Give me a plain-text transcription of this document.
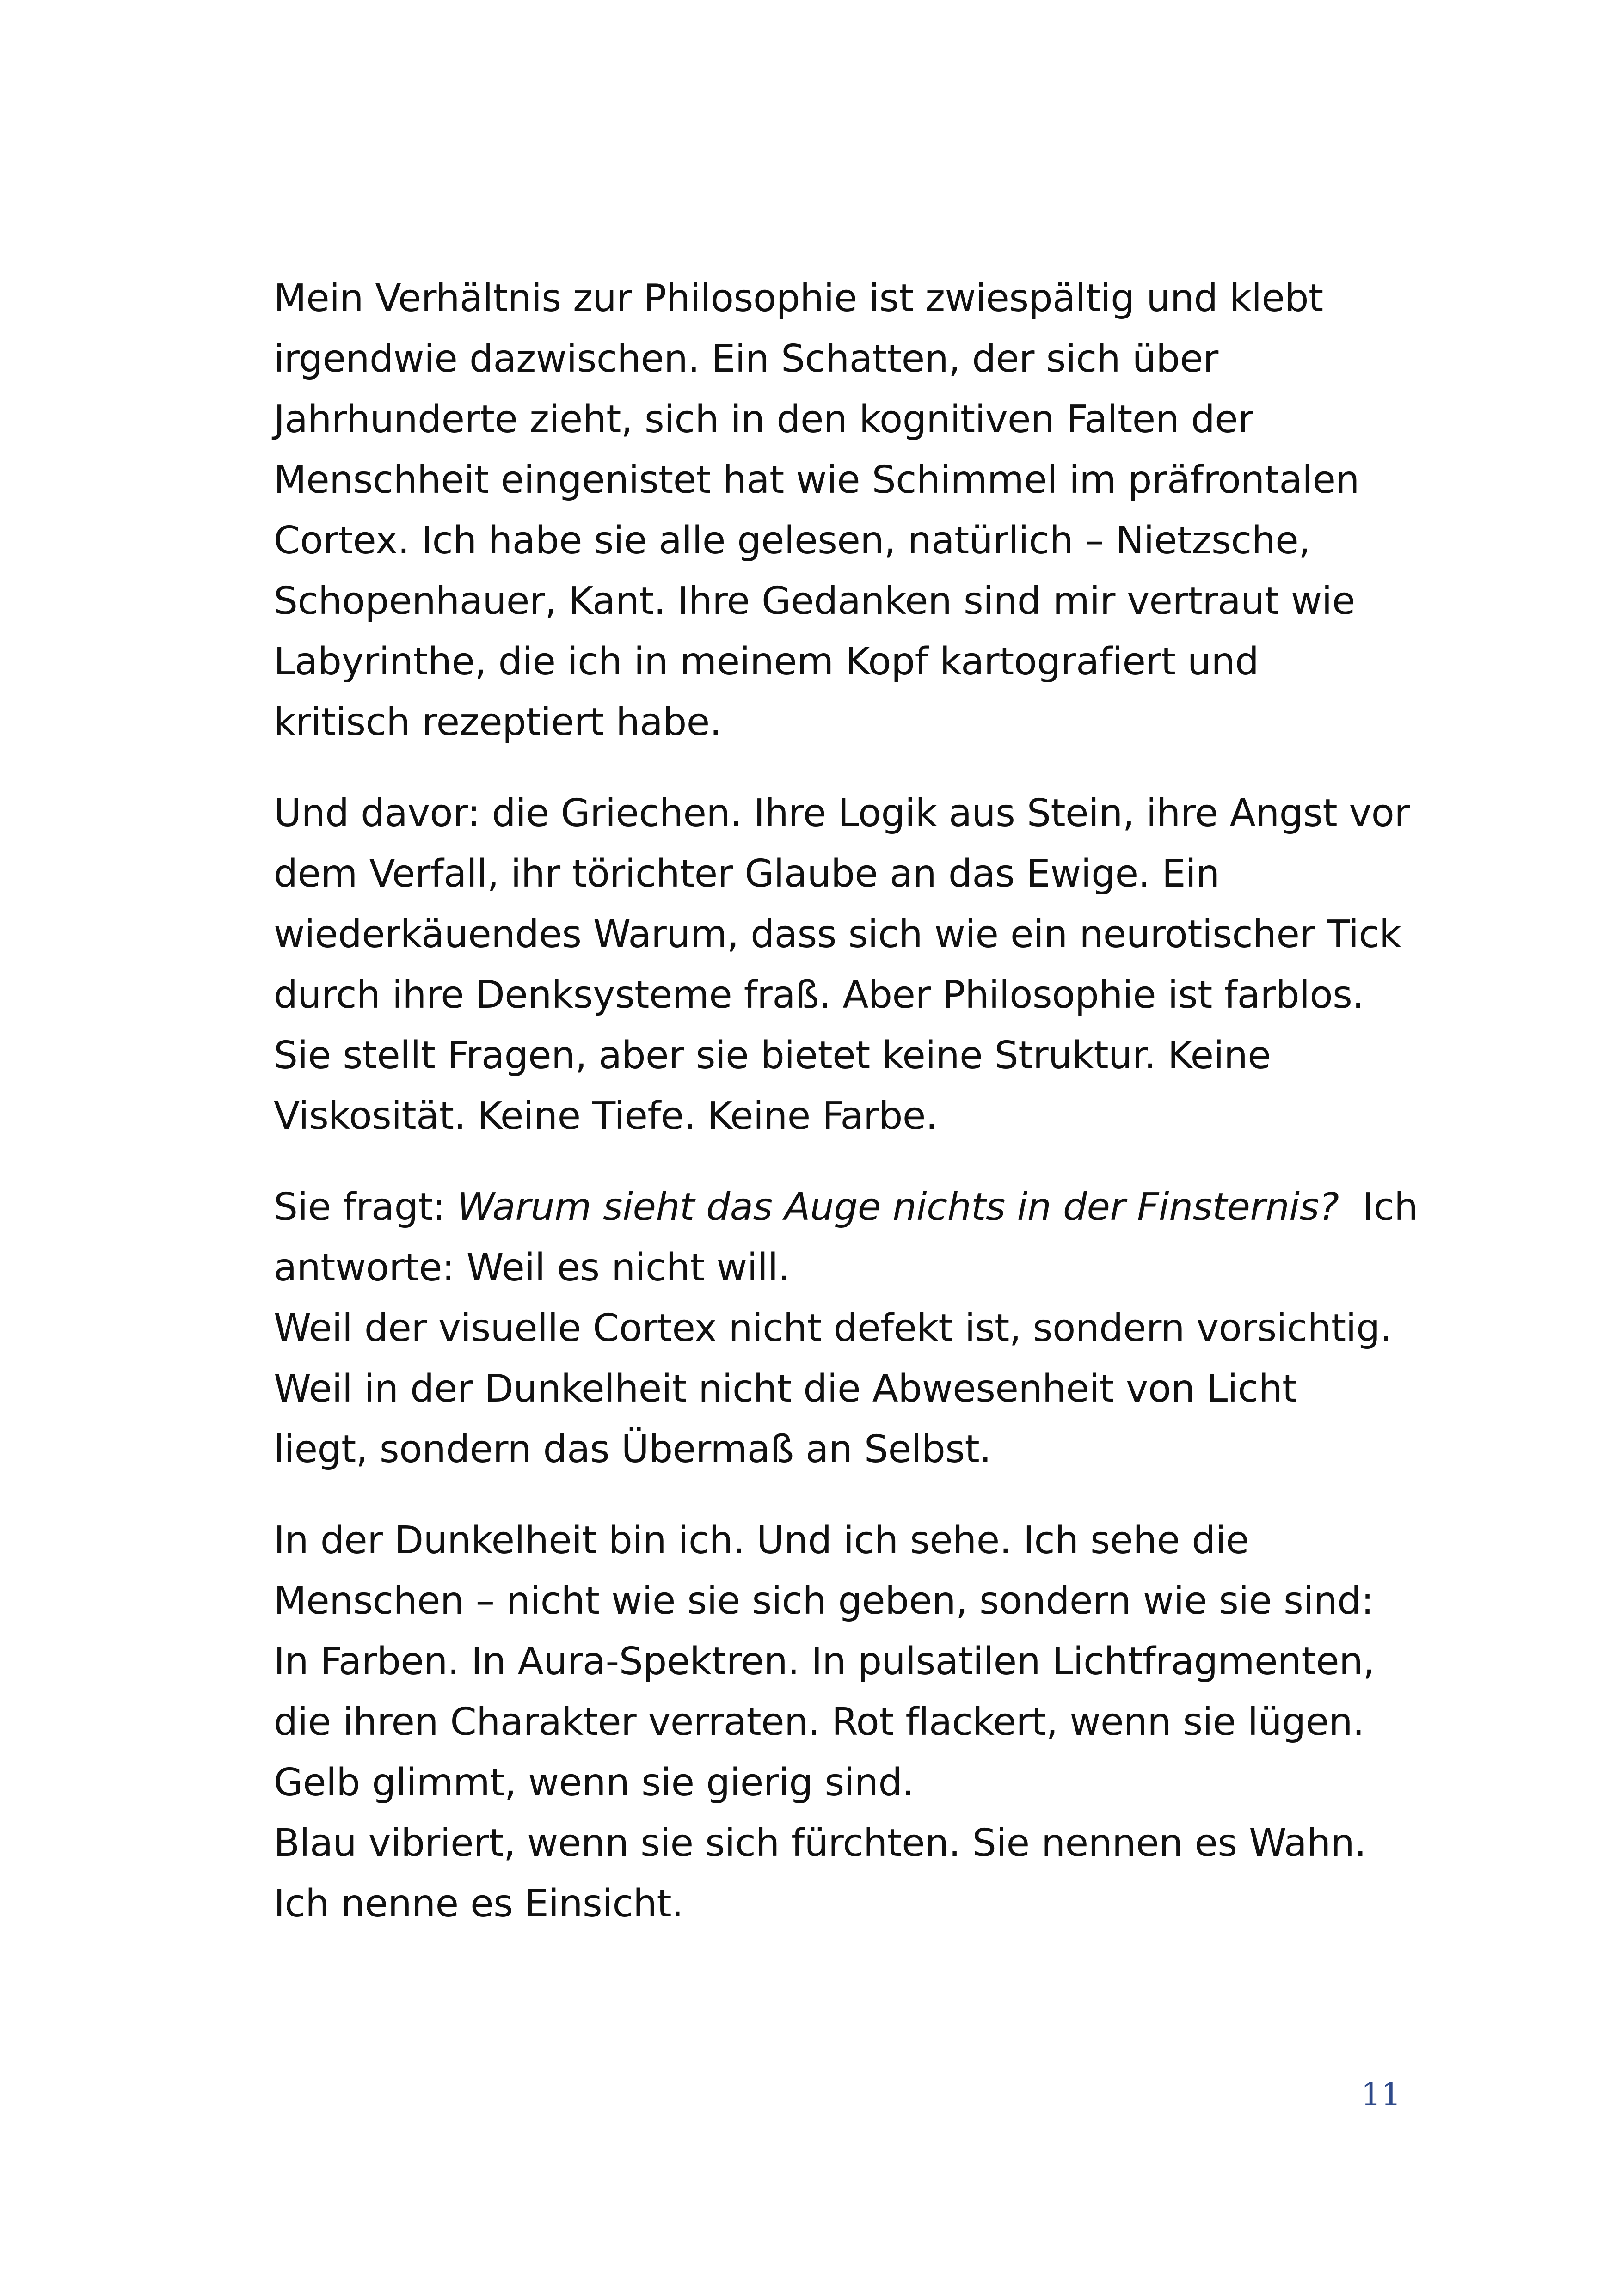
Mein Verhältnis zur Philosophie ist zwiespältig und klebt
irgendwie dazwischen. Ein Schatten, der sich über
Jahrhunderte zieht, sich in den kognitiven Falten der
Menschheit eingenistet hat wie Schimmel im präfrontalen
Cortex. Ich habe sie alle gelesen, natürlich – Nietzsche,
Schopenhauer, Kant. Ihre Gedanken sind mir vertraut wie
Labyrinthe, die ich in meinem Kopf kartografiert und
kritisch rezeptiert habe.

Und davor: die Griechen. Ihre Logik aus Stein, ihre Angst vor
dem Verfall, ihr törichter Glaube an das Ewige. Ein
wiederkäuendes Warum, dass sich wie ein neurotischer Tick
durch ihre Denksysteme fraß. Aber Philosophie ist farblos.
Sie stellt Fragen, aber sie bietet keine Struktur. Keine
Viskosität. Keine Tiefe. Keine Farbe.

Sie fragt: Warum sieht das Auge nichts in der Finsternis?  Ich
antworte: Weil es nicht will.
Weil der visuelle Cortex nicht defekt ist, sondern vorsichtig.
Weil in der Dunkelheit nicht die Abwesenheit von Licht
liegt, sondern das Übermaß an Selbst.

In der Dunkelheit bin ich. Und ich sehe. Ich sehe die
Menschen – nicht wie sie sich geben, sondern wie sie sind:
In Farben. In Aura-Spektren. In pulsatilen Lichtfragmenten,
die ihren Charakter verraten. Rot flackert, wenn sie lügen.
Gelb glimmt, wenn sie gierig sind.
Blau vibriert, wenn sie sich fürchten. Sie nennen es Wahn.
Ich nenne es Einsicht.

11
